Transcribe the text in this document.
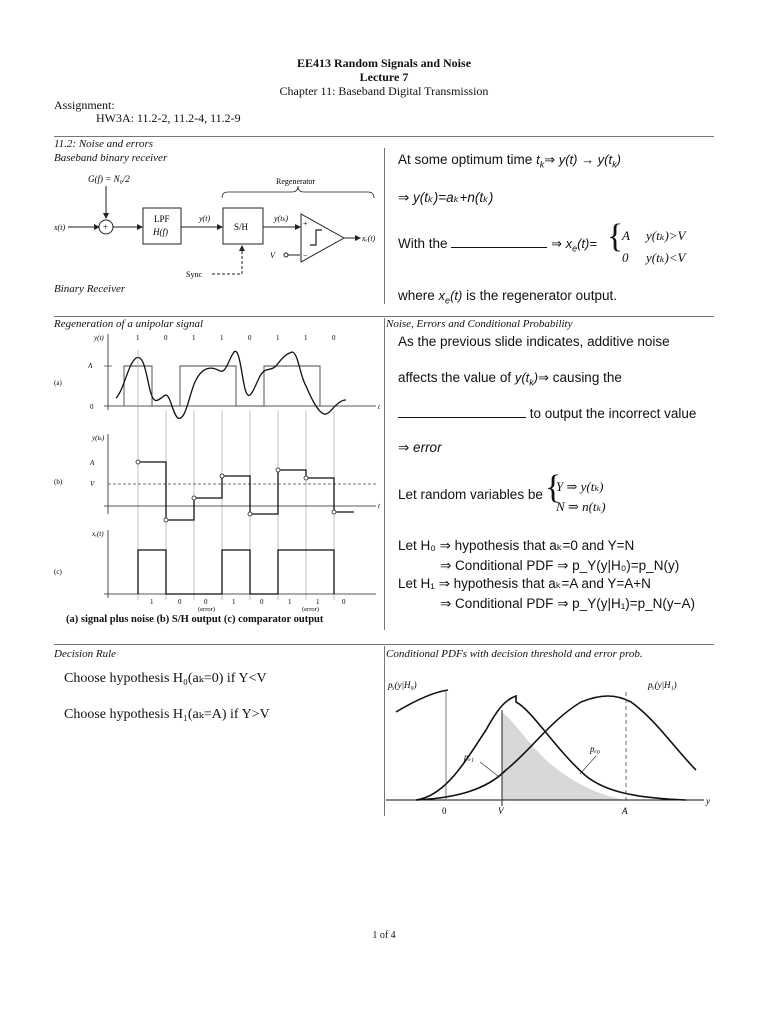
EE413 Random Signals and Noise
Lecture 7
Chapter 11: Baseband Digital Transmission
Assignment:
HW3A: 11.2-2, 11.2-4, 11.2-9
11.2: Noise and errors
Baseband binary receiver
G(f) = N₀/2
x(t)	+
LPF
H(f)
y(t)
S/H
y(tₖ)
Regenerator
+
−
V
xₑ(t)
Sync
Binary Receiver
At some optimum time $t_k\Rightarrow$ $y(t) \to y(t_k)$
⇒ y(tₖ)=aₖ+n(tₖ)
With the	⇒ $x_e(t)=$ {
A y(tₖ)>V
0 y(tₖ)<V
where $x_e(t)$ is the regenerator output.
Regeneration of a unipolar signal	Noise, Errors and Conditional Probability
(a)
y(t)
A
0	t
1	0	1	1	0	1	1	0
(b)
y(tₖ)
A
V
t
(c)
xₑ(t)
1	0	0	1	0	1	1	0
(error)	(error)
(a) signal plus noise (b) S/H output (c) comparator output
As the previous slide indicates, additive noise
affects the value of $y(t_k)\Rightarrow$ causing the
to output the incorrect value
⇒ error
Let random variables be {
Y ⇒ y(tₖ)
N ⇒ n(tₖ)
Let H₀ ⇒ hypothesis that aₖ=0 and Y=N
⇒ Conditional PDF ⇒ p_Y(y|H₀)=p_N(y)
Let H₁ ⇒ hypothesis that aₖ=A and Y=A+N
⇒ Conditional PDF ⇒ p_Y(y|H₁)=p_N(y−A)
Decision Rule	Conditional PDFs with decision threshold and error prob.
Choose hypothesis H₀(aₖ=0) if Y<V
Choose hypothesis H₁(aₖ=A) if Y>V
pᵧ(y|H₀)	pᵧ(y|H₁)
pₑ₁
pₑ₀
0	V	A
y
1 of 4
